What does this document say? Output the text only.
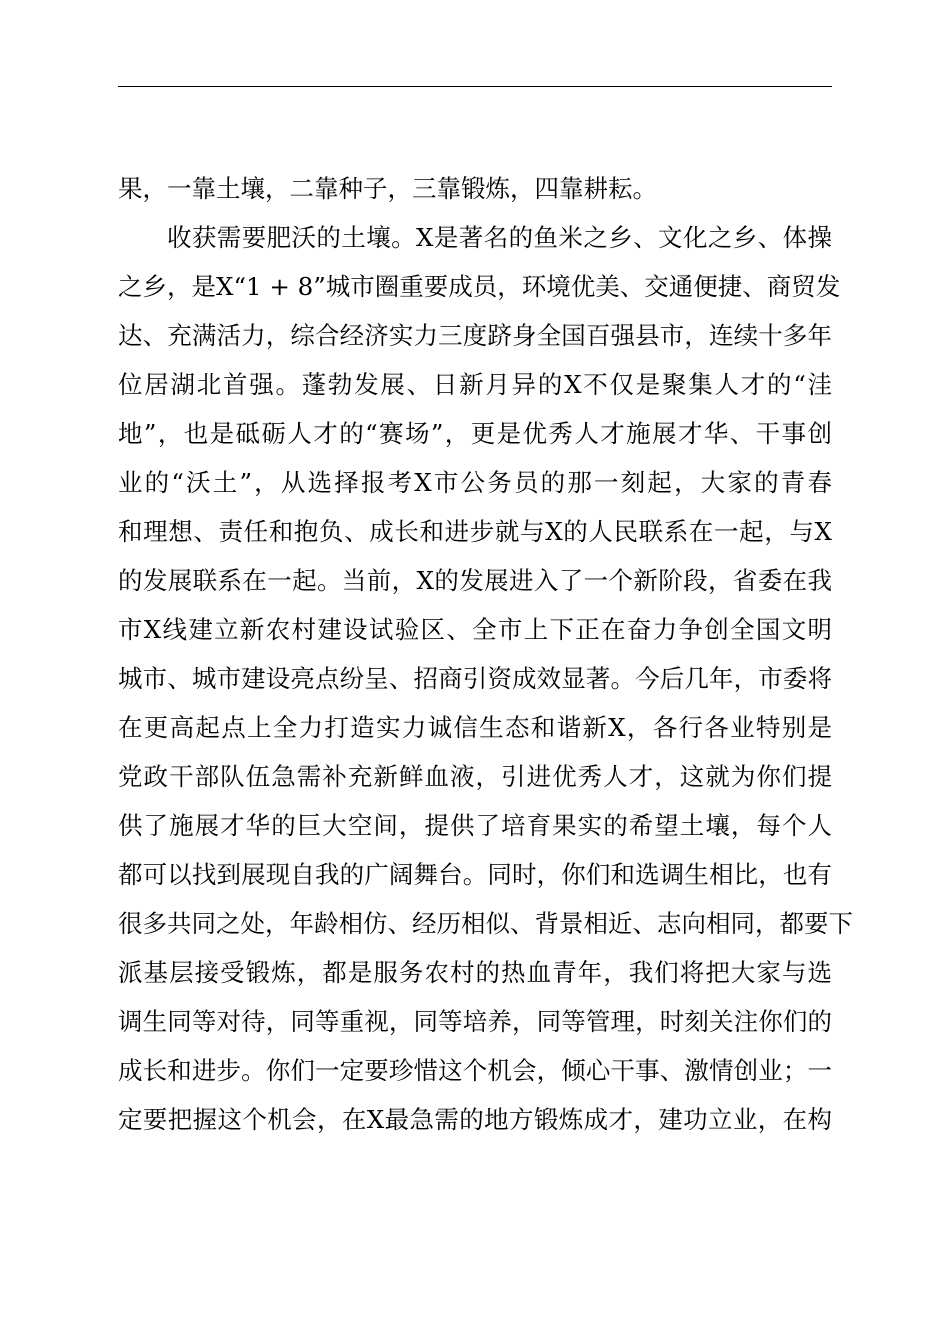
果，一靠土壤，二靠种子，三靠锻炼，四靠耕耘。
收获需要肥沃的土壤。X是著名的鱼米之乡、文化之乡、体操
之乡，是X“1 + 8”城市圈重要成员，环境优美、交通便捷、商贸发
达、充满活力，综合经济实力三度跻身全国百强县市，连续十多年
位居湖北首强。蓬勃发展、日新月异的X不仅是聚集人才的“洼
地”，也是砥砺人才的“赛场”，更是优秀人才施展才华、干事创
业的“沃土”，从选择报考X市公务员的那一刻起，大家的青春
和理想、责任和抱负、成长和进步就与X的人民联系在一起，与X
的发展联系在一起。当前，X的发展进入了一个新阶段，省委在我
市X线建立新农村建设试验区、全市上下正在奋力争创全国文明
城市、城市建设亮点纷呈、招商引资成效显著。今后几年，市委将
在更高起点上全力打造实力诚信生态和谐新X，各行各业特别是
党政干部队伍急需补充新鲜血液，引进优秀人才，这就为你们提
供了施展才华的巨大空间，提供了培育果实的希望土壤，每个人
都可以找到展现自我的广阔舞台。同时，你们和选调生相比，也有
很多共同之处，年龄相仿、经历相似、背景相近、志向相同，都要下
派基层接受锻炼，都是服务农村的热血青年，我们将把大家与选
调生同等对待，同等重视，同等培养，同等管理，时刻关注你们的
成长和进步。你们一定要珍惜这个机会，倾心干事、激情创业；一
定要把握这个机会，在X最急需的地方锻炼成才，建功立业，在构
